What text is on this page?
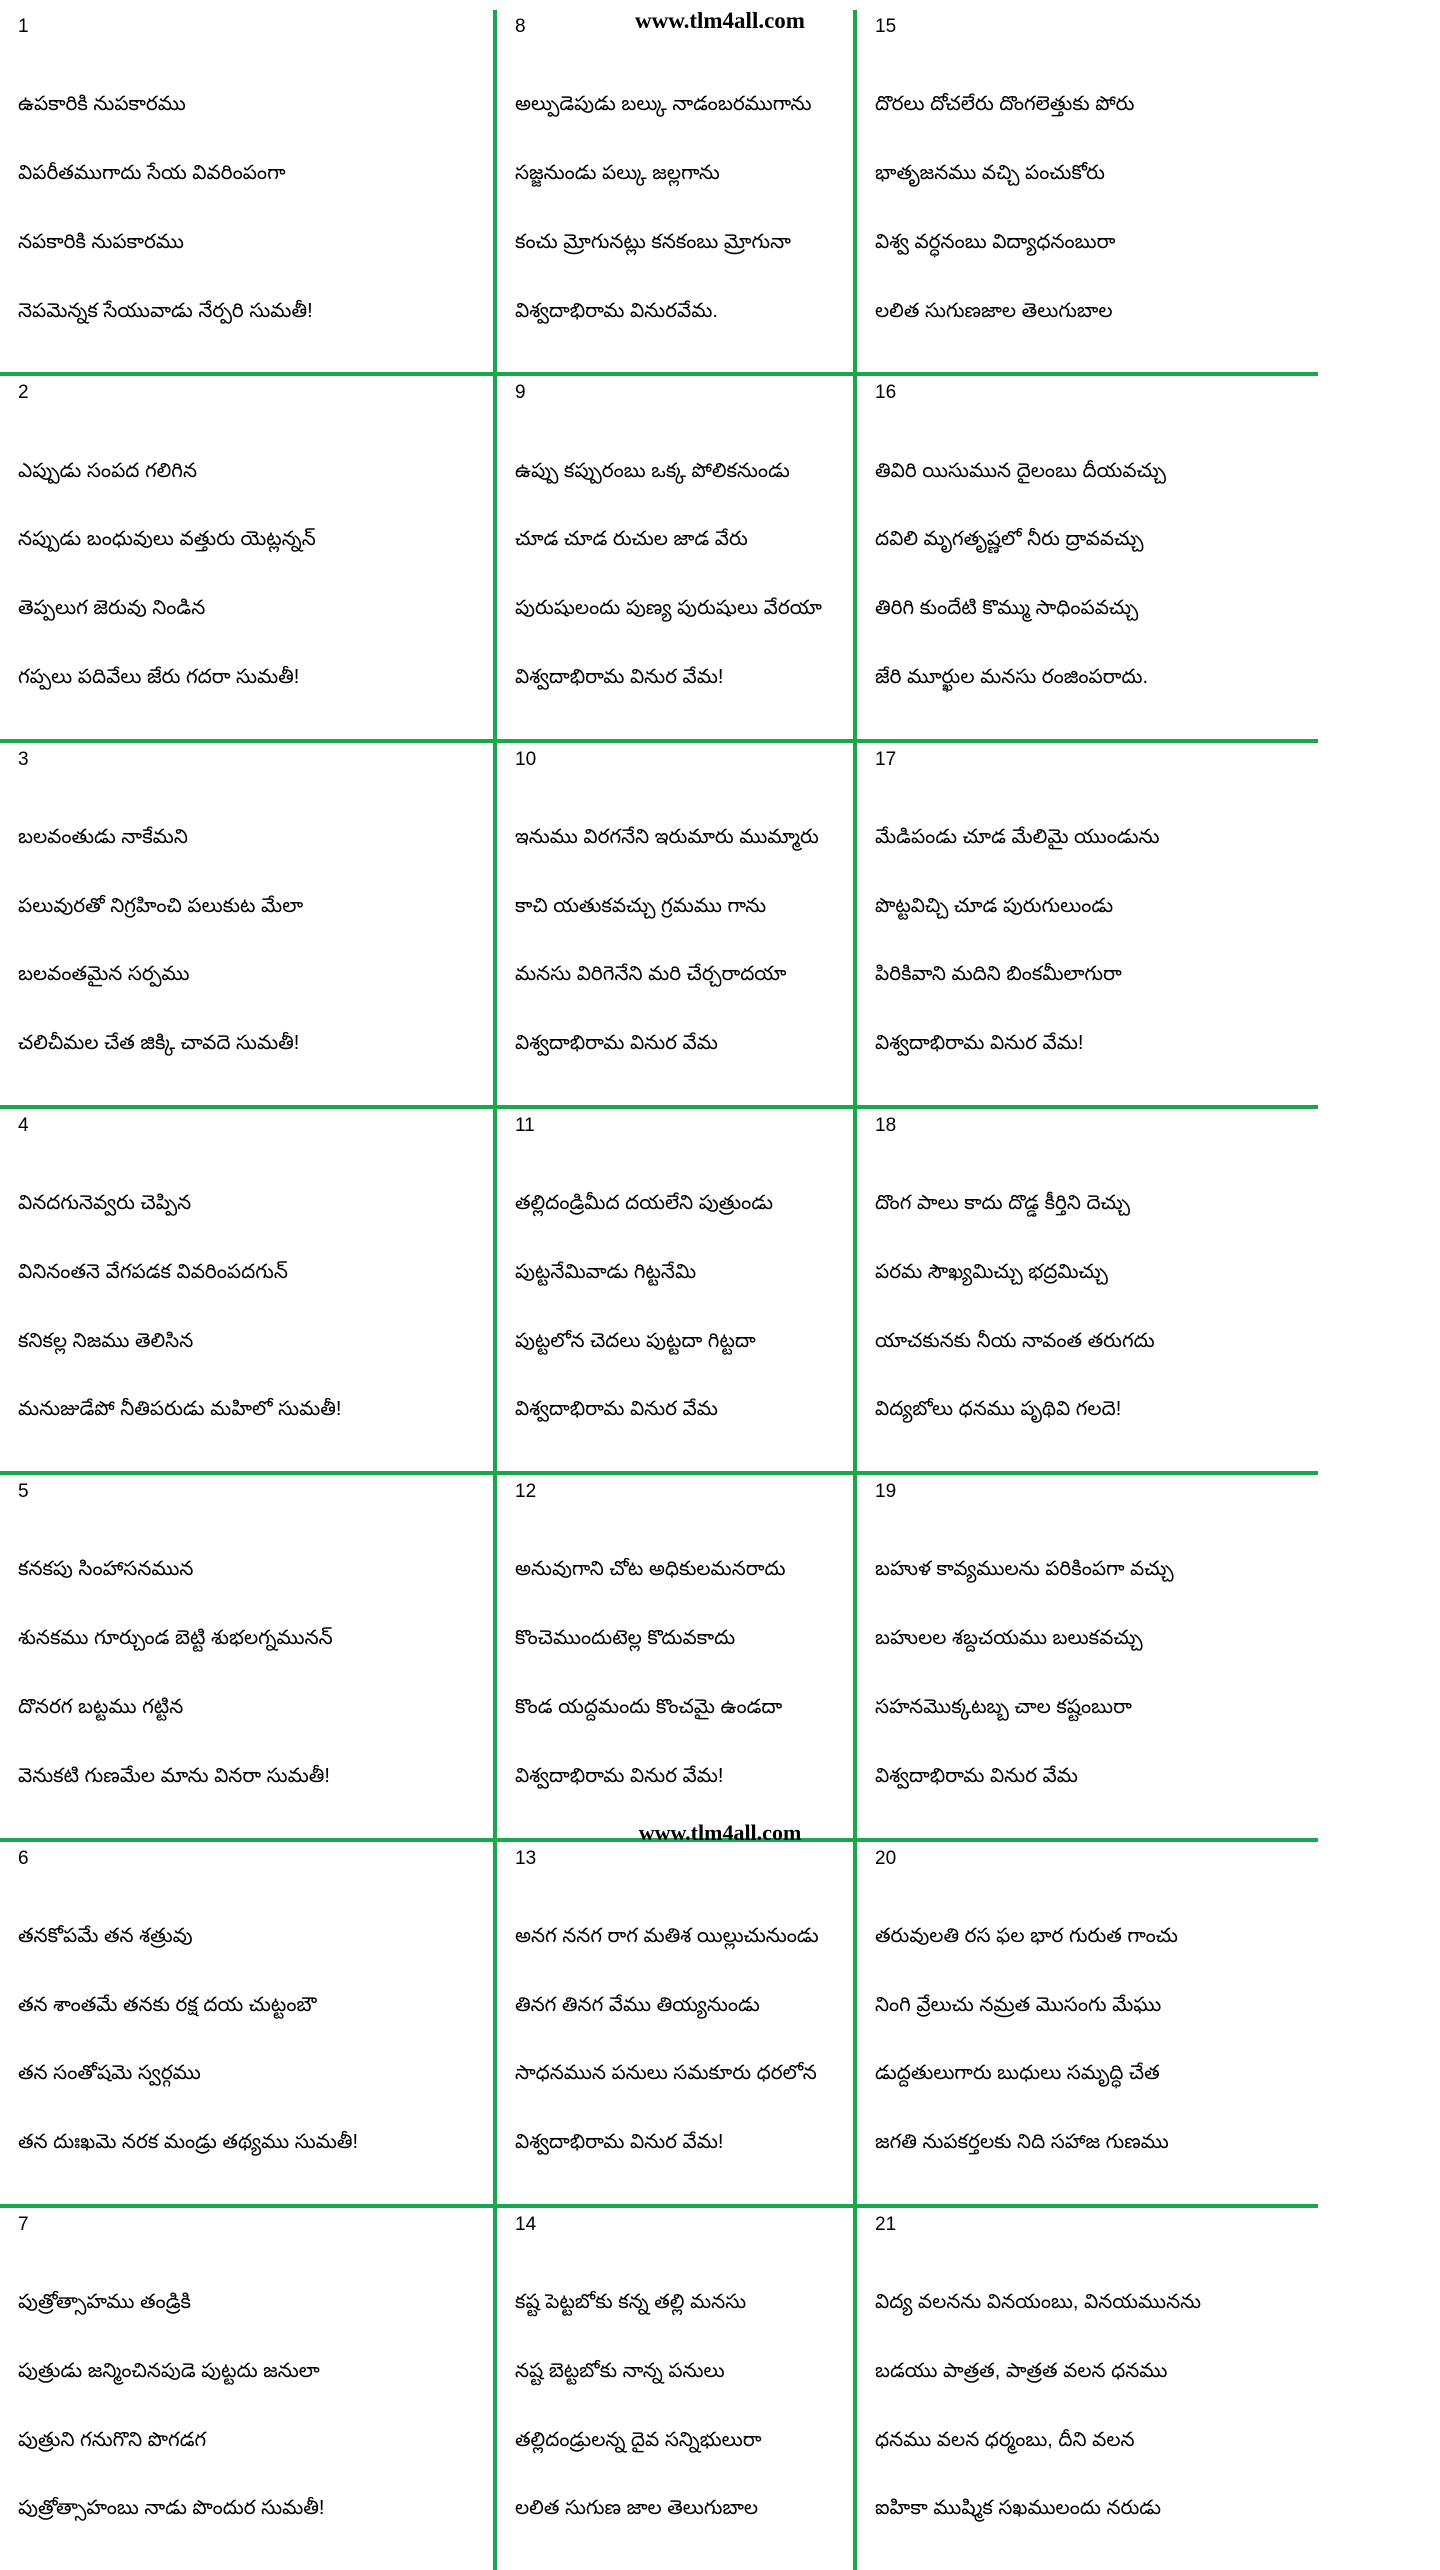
www.tlm4all.com
1

ఉపకారికి నుపకారము

విపరీతముగాదు సేయ వివరింపంగా

నపకారికి నుపకారము

నెపమెన్నక సేయువాడు నేర్పరి సుమతీ!

8

అల్పుడెపుడు బల్కు నాడంబరముగాను

సజ్జనుండు పల్కు జల్లగాను

కంచు మ్రోగునట్లు కనకంబు మ్రోగునా

విశ్వదాభిరామ వినురవేమ.

15

దొరలు దోచలేరు దొంగలెత్తుకు పోరు

భాతృజనము వచ్చి పంచుకోరు

విశ్వ వర్ధనంబు విద్యాధనంబురా

లలిత సుగుణజాల తెలుగుబాల

2

ఎప్పుడు సంపద గలిగిన

నప్పుడు బంధువులు వత్తురు యెట్లన్నన్

తెప్పలుగ జెరువు నిండిన

గప్పలు పదివేలు జేరు గదరా సుమతీ!

9

ఉప్పు కప్పురంబు ఒక్క పోలికనుండు

చూడ చూడ రుచుల జాడ వేరు

పురుషులందు పుణ్య పురుషులు వేరయా

విశ్వదాభిరామ వినుర వేమ!

16

తివిరి యిసుమున దైలంబు దీయవచ్చు

దవిలి మృగతృష్ణలో నీరు ద్రావవచ్చు

తిరిగి కుందేటి కొమ్ము సాధింపవచ్చు

జేరి మూర్ఖుల మనసు రంజింపరాదు.

3

బలవంతుడు నాకేమని

పలువురతో నిగ్రహించి పలుకుట మేలా

బలవంతమైన సర్పము

చలిచీమల చేత జిక్కి చావదె సుమతీ!

10

ఇనుము విరగనేని ఇరుమారు ముమ్మారు

కాచి యతుకవచ్చు గ్రమము గాను

మనసు విరిగెనేని మరి చేర్చరాదయా

విశ్వదాభిరామ వినుర వేమ

17

మేడిపండు చూడ మేలిమై యుండును

పొట్టవిచ్చి చూడ పురుగులుండు

పిరికివాని మదిని బింకమీలాగురా

విశ్వదాభిరామ వినుర వేమ!

4

వినదగునెవ్వరు చెప్పిన

వినినంతనె వేగపడక వివరింపదగున్

కనికల్ల నిజము తెలిసిన

మనుజుడేపో నీతిపరుడు మహిలో సుమతీ!

11

తల్లిదండ్రిమీద దయలేని పుత్రుండు

పుట్టనేమివాడు గిట్టనేమి

పుట్టలోన చెదలు పుట్టదా గిట్టదా

విశ్వదాభిరామ వినుర వేమ

18

దొంగ పాలు కాదు దొడ్డ కీర్తిని దెచ్చు

పరమ సౌఖ్యమిచ్చు భద్రమిచ్చు

యాచకునకు నీయ నావంత తరుగదు

విద్యబోలు ధనము పృథివి గలదె!

5

కనకపు సింహాసనమున

శునకము గూర్చుండ బెట్టి శుభలగ్నమునన్

దొనరగ బట్టము గట్టిన

వెనుకటి గుణమేల మాను వినరా సుమతీ!

12

అనువుగాని చోట అధికులమనరాదు

కొంచెముందుటెల్ల కొదువకాదు

కొండ యద్దమందు కొంచమై ఉండదా

విశ్వదాభిరామ వినుర వేమ!

19

బహుళ కావ్యములను పరికింపగా వచ్చు

బహులల శబ్దచయము బలుకవచ్చు

సహనమొక్కటబ్బ చాల కష్టంబురా

విశ్వదాభిరామ వినుర వేమ

6

తనకోపమే తన శత్రువు

తన శాంతమే తనకు రక్ష దయ చుట్టంబౌ

తన సంతోషమె స్వర్గము

తన దుఃఖమె నరక మండ్రు తథ్యము సుమతీ!

13

అనగ ననగ రాగ మతిశ యిల్లుచునుండు

తినగ తినగ వేము తియ్యనుండు

సాధనమున పనులు సమకూరు ధరలోన

విశ్వదాభిరామ వినుర వేమ!

20

తరువులతి రస ఫల భార గురుత గాంచు

నింగి వ్రేలుచు నమ్రత మొసంగు మేఘు

డుద్దతులుగారు బుధులు సమృద్ధి చేత

జగతి నుపకర్తలకు నిది సహాజ గుణము

7

పుత్రోత్సాహము తండ్రికి

పుత్రుడు జన్మించినపుడె పుట్టదు జనులా

పుత్రుని గనుగొని పొగడగ

పుత్రోత్సాహంబు నాడు పొందుర సుమతీ!

14

కష్ట పెట్టబోకు కన్న తల్లి మనసు

నష్ట బెట్టబోకు నాన్న పనులు

తల్లిదండ్రులన్న దైవ సన్నిభులురా

లలిత సుగుణ జాల తెలుగుబాల

21

విద్య వలనను వినయంబు, వినయమునను

బడయు పాత్రత, పాత్రత వలన ధనము

ధనము వలన ధర్మంబు, దీని వలన

ఐహికా ముష్మిక సఖములందు నరుడు

www.tlm4all.com
